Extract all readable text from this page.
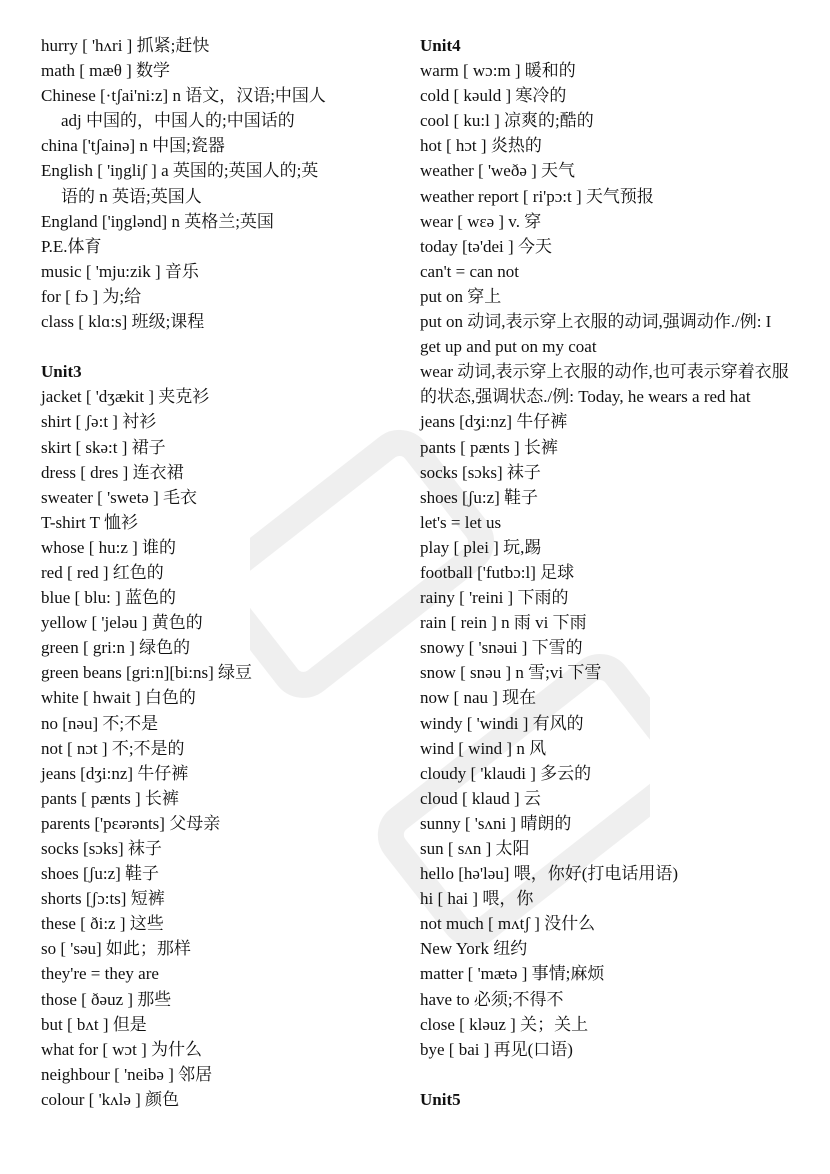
hurry [ 'hʌri ] 抓紧;赶快
math [ mæθ ] 数学
Chinese [·tʃai'ni:z] n 语文，汉语;中国人
adj 中国的，中国人的;中国话的
china ['tʃainə] n 中国;瓷器
English [ 'iŋgliʃ ] a 英国的;英国人的;英
语的 n 英语;英国人
England ['iŋglənd] n 英格兰;英国
P.E.体育
music [ 'mju:zik ] 音乐
for [ fɔ ] 为;给
class [ klɑ:s] 班级;课程
Unit3
jacket [ 'dʒækit ] 夹克衫
shirt [ ʃə:t ] 衬衫
skirt [ skə:t ] 裙子
dress [ dres ] 连衣裙
sweater [ 'swetə ] 毛衣
T-shirt T 恤衫
whose [ hu:z ] 谁的
red [ red ] 红色的
blue [ blu: ] 蓝色的
yellow [ 'jeləu ] 黄色的
green [ gri:n ] 绿色的
green beans [gri:n][bi:ns] 绿豆
white [ hwait ] 白色的
no [nəu] 不;不是
not [ nɔt ] 不;不是的
jeans [dʒi:nz] 牛仔裤
pants [ pænts ] 长裤
parents ['pεərənts] 父母亲
socks [sɔks] 袜子
shoes [ʃu:z] 鞋子
shorts [ʃɔ:ts] 短裤
these [ ði:z ] 这些
so [ 'səu] 如此；那样
they're = they are
those [ ðəuz ] 那些
but [ bʌt ] 但是
what for [ wɔt ] 为什么
neighbour [ 'neibə ] 邻居
colour [ 'kʌlə ] 颜色
Unit4
warm [ wɔ:m ] 暖和的
cold [ kəuld ] 寒冷的
cool [ ku:l ] 凉爽的;酷的
hot [ hɔt ] 炎热的
weather [ 'weðə ] 天气
weather report [ ri'pɔ:t ] 天气预报
wear [ wεə ] v. 穿
today [tə'dei ] 今天
can't = can not
put on 穿上
put on 动词,表示穿上衣服的动词,强调动作./例: I get up and put on my coat
wear 动词,表示穿上衣服的动作,也可表示穿着衣服的状态,强调状态./例: Today, he wears a red hat
jeans [dʒi:nz] 牛仔裤
pants [ pænts ] 长裤
socks [sɔks] 袜子
shoes [ʃu:z] 鞋子
let's = let us
play [ plei ] 玩,踢
football ['futbɔ:l] 足球
rainy [ 'reini ] 下雨的
rain [ rein ] n 雨 vi 下雨
snowy [ 'snəui ] 下雪的
snow [ snəu ] n 雪;vi 下雪
now [ nau ] 现在
windy [ 'windi ] 有风的
wind [ wind ] n 风
cloudy [ 'klaudi ] 多云的
cloud [ klaud ] 云
sunny [ 'sʌni ] 晴朗的
sun [ sʌn ] 太阳
hello [hə'ləu] 喂，你好(打电话用语)
hi [ hai ] 喂，你
not much [ mʌtʃ ] 没什么
New York 纽约
matter [ 'mætə ] 事情;麻烦
have to 必须;不得不
close [ kləuz ] 关；关上
bye [ bai ] 再见(口语)
Unit5
